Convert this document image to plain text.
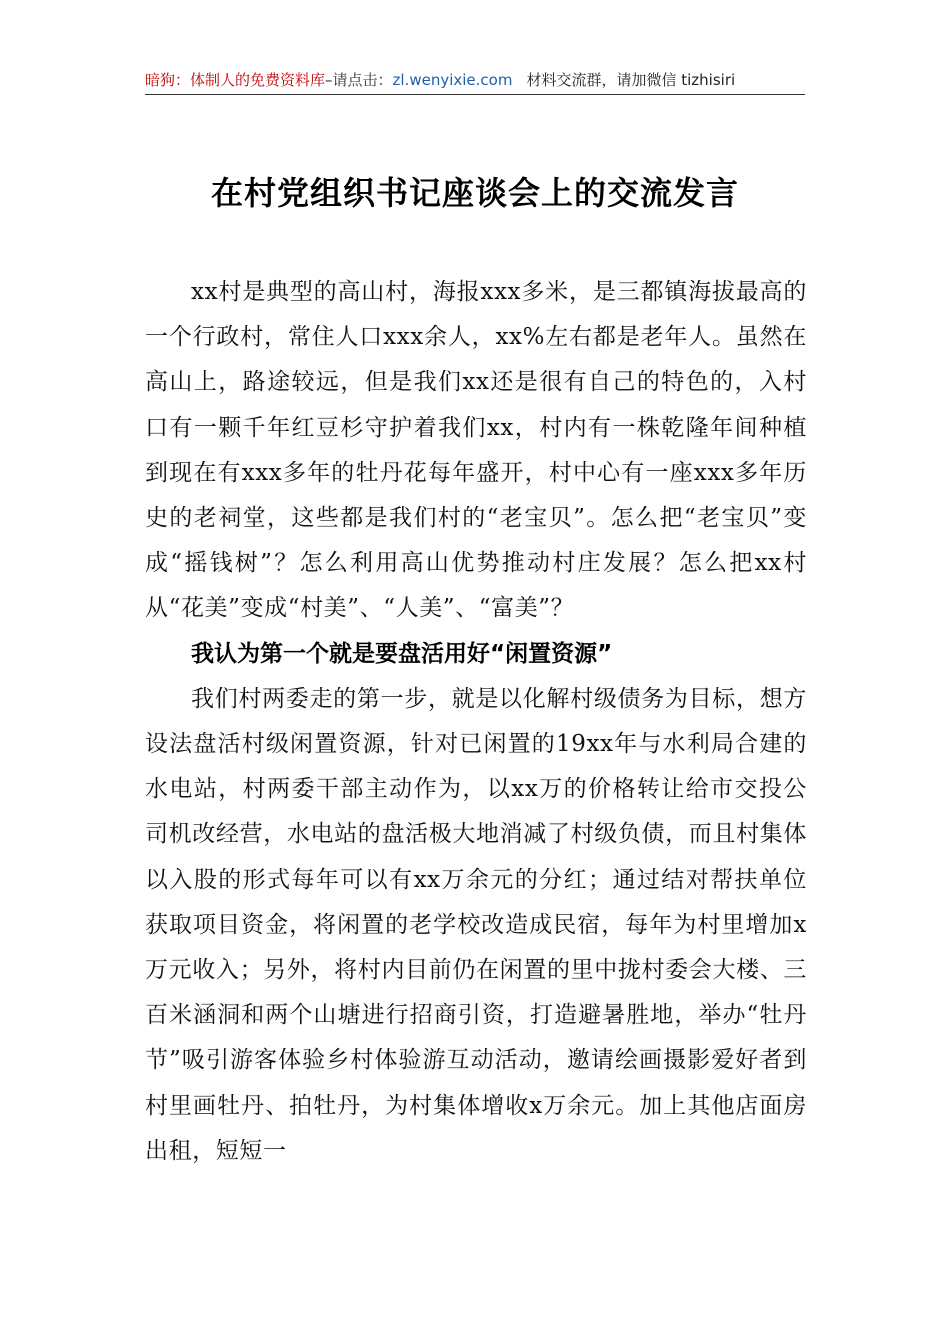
暗狗：体制人的免费资料库–请点击：zl.wenyixie.com 材料交流群，请加微信 tizhisiri
在村党组织书记座谈会上的交流发言

xx村是典型的高山村，海报xxx多米，是三都镇海拔最高的一个行政村，常住人口xxx余人，xx%左右都是老年人。虽然在高山上，路途较远，但是我们xx还是很有自己的特色的，入村口有一颗千年红豆杉守护着我们xx，村内有一株乾隆年间种植到现在有xxx多年的牡丹花每年盛开，村中心有一座xxx多年历史的老祠堂，这些都是我们村的“老宝贝”。怎么把“老宝贝”变成“摇钱树”？怎么利用高山优势推动村庄发展？怎么把xx村从“花美”变成“村美”、“人美”、“富美”？

我认为第一个就是要盘活用好“闲置资源”

我们村两委走的第一步，就是以化解村级债务为目标，想方设法盘活村级闲置资源，针对已闲置的19xx年与水利局合建的水电站，村两委干部主动作为，以xx万的价格转让给市交投公司机改经营，水电站的盘活极大地消减了村级负债，而且村集体以入股的形式每年可以有xx万余元的分红；通过结对帮扶单位获取项目资金，将闲置的老学校改造成民宿，每年为村里增加x万元收入；另外，将村内目前仍在闲置的里中拢村委会大楼、三百米涵洞和两个山塘进行招商引资，打造避暑胜地，举办“牡丹节”吸引游客体验乡村体验游互动活动，邀请绘画摄影爱好者到村里画牡丹、拍牡丹，为村集体增收x万余元。加上其他店面房出租，短短一
